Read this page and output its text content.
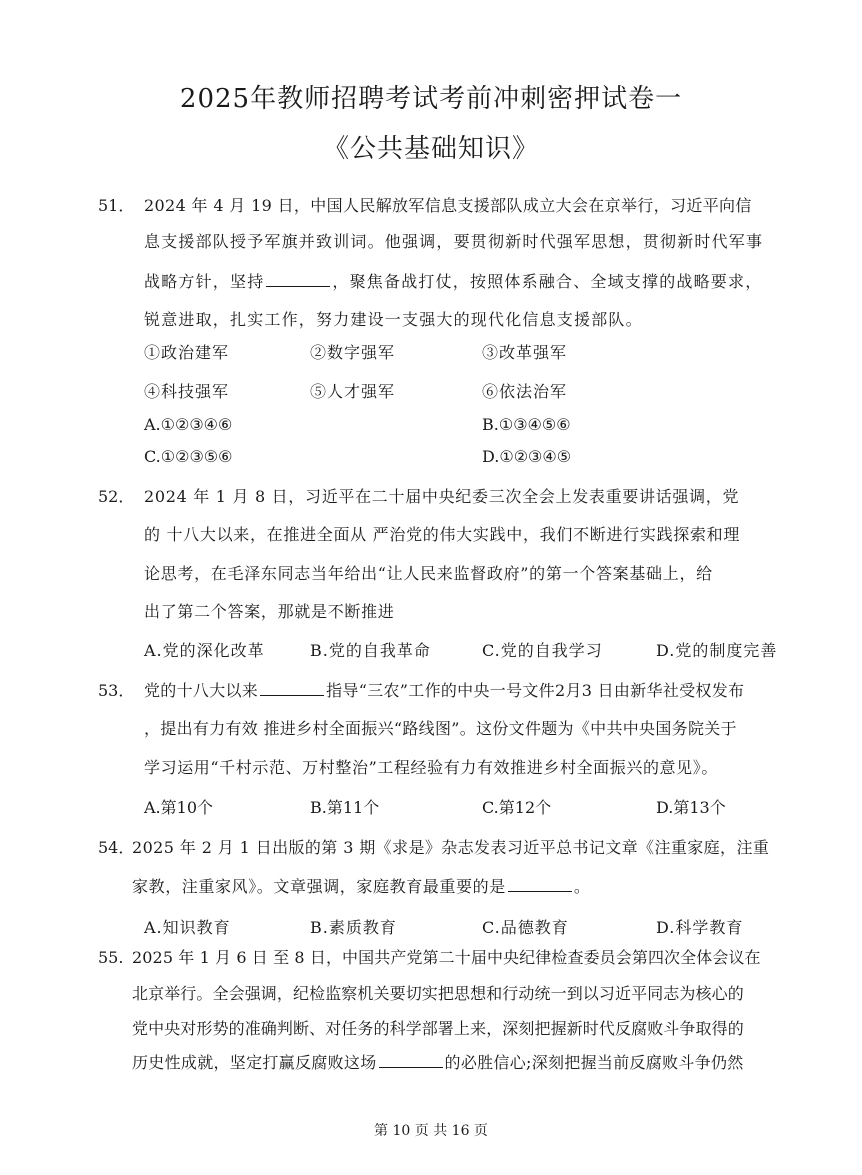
2025年教师招聘考试考前冲刺密押试卷一
《公共基础知识》
51． 2024 年 4 月 19 日，中国人民解放军信息支援部队成立大会在京举行，习近平向信
息支援部队授予军旗并致训词。他强调，要贯彻新时代强军思想，贯彻新时代军事
战略方针，坚持	，聚焦备战打仗，按照体系融合、全域支撑的战略要求，
锐意进取，扎实工作，努力建设一支强大的现代化信息支援部队。
①政治建军	②数字强军	③改革强军
④科技强军	⑤人才强军	⑥依法治军
A.①②③④⑥	B.①③④⑤⑥
C.①②③⑤⑥	D.①②③④⑤
52． 2024 年 1 月 8 日，习近平在二十届中央纪委三次全会上发表重要讲话强调，党
的 十八大以来，在推进全面从 严治党的伟大实践中，我们不断进行实践探索和理
论思考，在毛泽东同志当年给出“让人民来监督政府”的第一个答案基础上，给
出了第二个答案，那就是不断推进
A.党的深化改革	B.党的自我革命	C.党的自我学习	D.党的制度完善
53． 党的十八大以来	指导“三农”工作的中央一号文件2月3 日由新华社受权发布
，提出有力有效 推进乡村全面振兴“路线图”。这份文件题为《中共中央国务院关于
学习运用“千村示范、万村整治”工程经验有力有效推进乡村全面振兴的意见》。
A.第10个	B.第11个	C.第12个	D.第13个
54．
2025 年 2 月 1 日出版的第 3 期《求是》杂志发表习近平总书记文章《注重家庭，注重
家教，注重家风》。文章强调，家庭教育最重要的是	。
A.知识教育	B.素质教育	C.品德教育	D.科学教育
55. 2025 年 1 月 6 日 至 8 日，中国共产党第二十届中央纪律检查委员会第四次全体会议在
北京举行。全会强调，纪检监察机关要切实把思想和行动统一到以习近平同志为核心的
党中央对形势的准确判断、对任务的科学部署上来，深刻把握新时代反腐败斗争取得的
历史性成就，坚定打赢反腐败这场	的必胜信心;深刻把握当前反腐败斗争仍然
第 10 页 共 16 页
